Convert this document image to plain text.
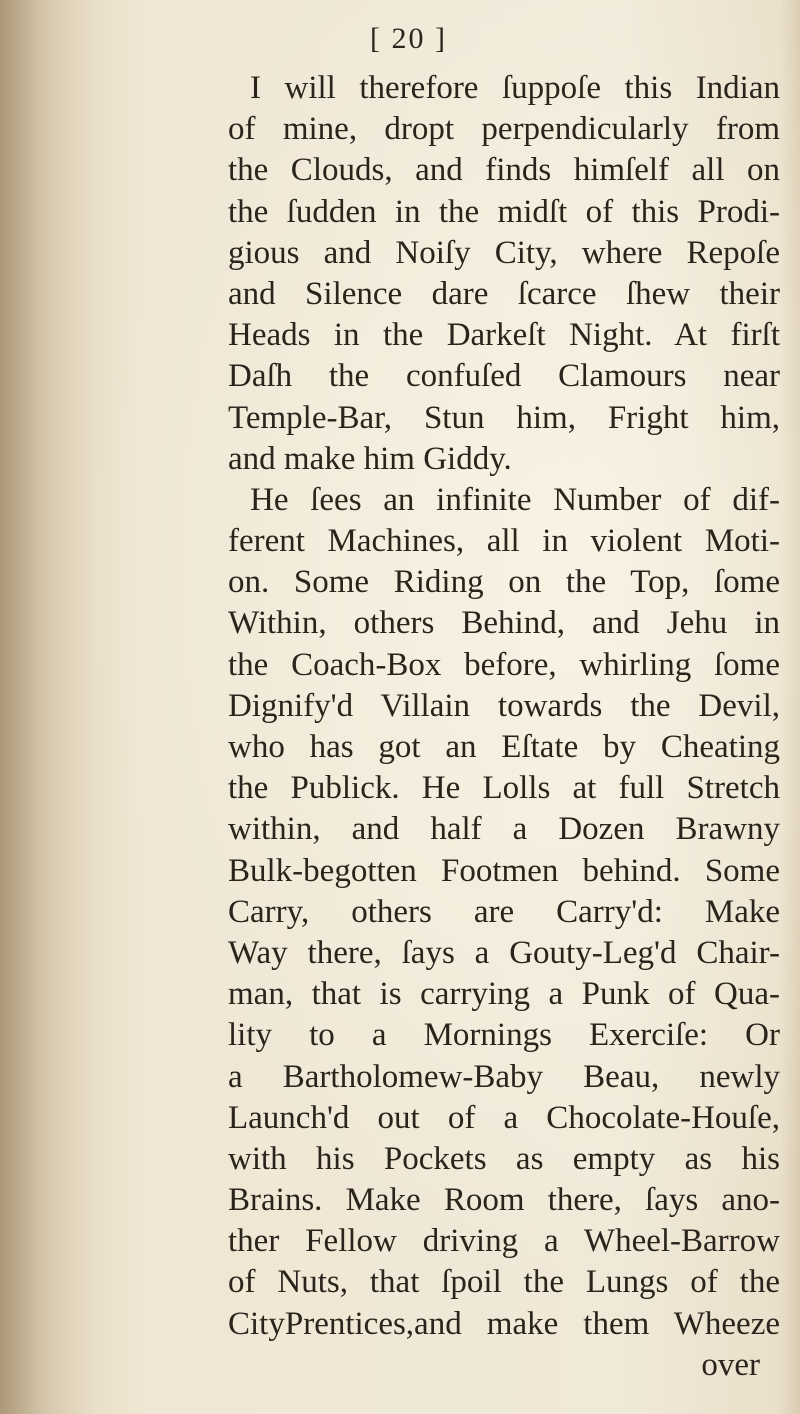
[ 20 ]
I will therefore ſuppoſe this Indian
of mine, dropt perpendicularly from
the Clouds, and finds himſelf all on
the ſudden in the midſt of this Prodi-
gious and Noiſy City, where Repoſe
and Silence dare ſcarce ſhew their
Heads in the Darkeſt Night. At firſt
Daſh the confuſed Clamours near
Temple-Bar, Stun him, Fright him,
and make him Giddy.
He ſees an infinite Number of dif-
ferent Machines, all in violent Moti-
on. Some Riding on the Top, ſome
Within, others Behind, and Jehu in
the Coach-Box before, whirling ſome
Dignify'd Villain towards the Devil,
who has got an Eſtate by Cheating
the Publick. He Lolls at full Stretch
within, and half a Dozen Brawny
Bulk-begotten Footmen behind. Some
Carry, others are Carry'd: Make
Way there, ſays a Gouty-Leg'd Chair-
man, that is carrying a Punk of Qua-
lity to a Mornings Exerciſe: Or
a Bartholomew-Baby Beau, newly
Launch'd out of a Chocolate-Houſe,
with his Pockets as empty as his
Brains. Make Room there, ſays ano-
ther Fellow driving a Wheel-Barrow
of Nuts, that ſpoil the Lungs of the
CityPrentices,and make them Wheeze
over
